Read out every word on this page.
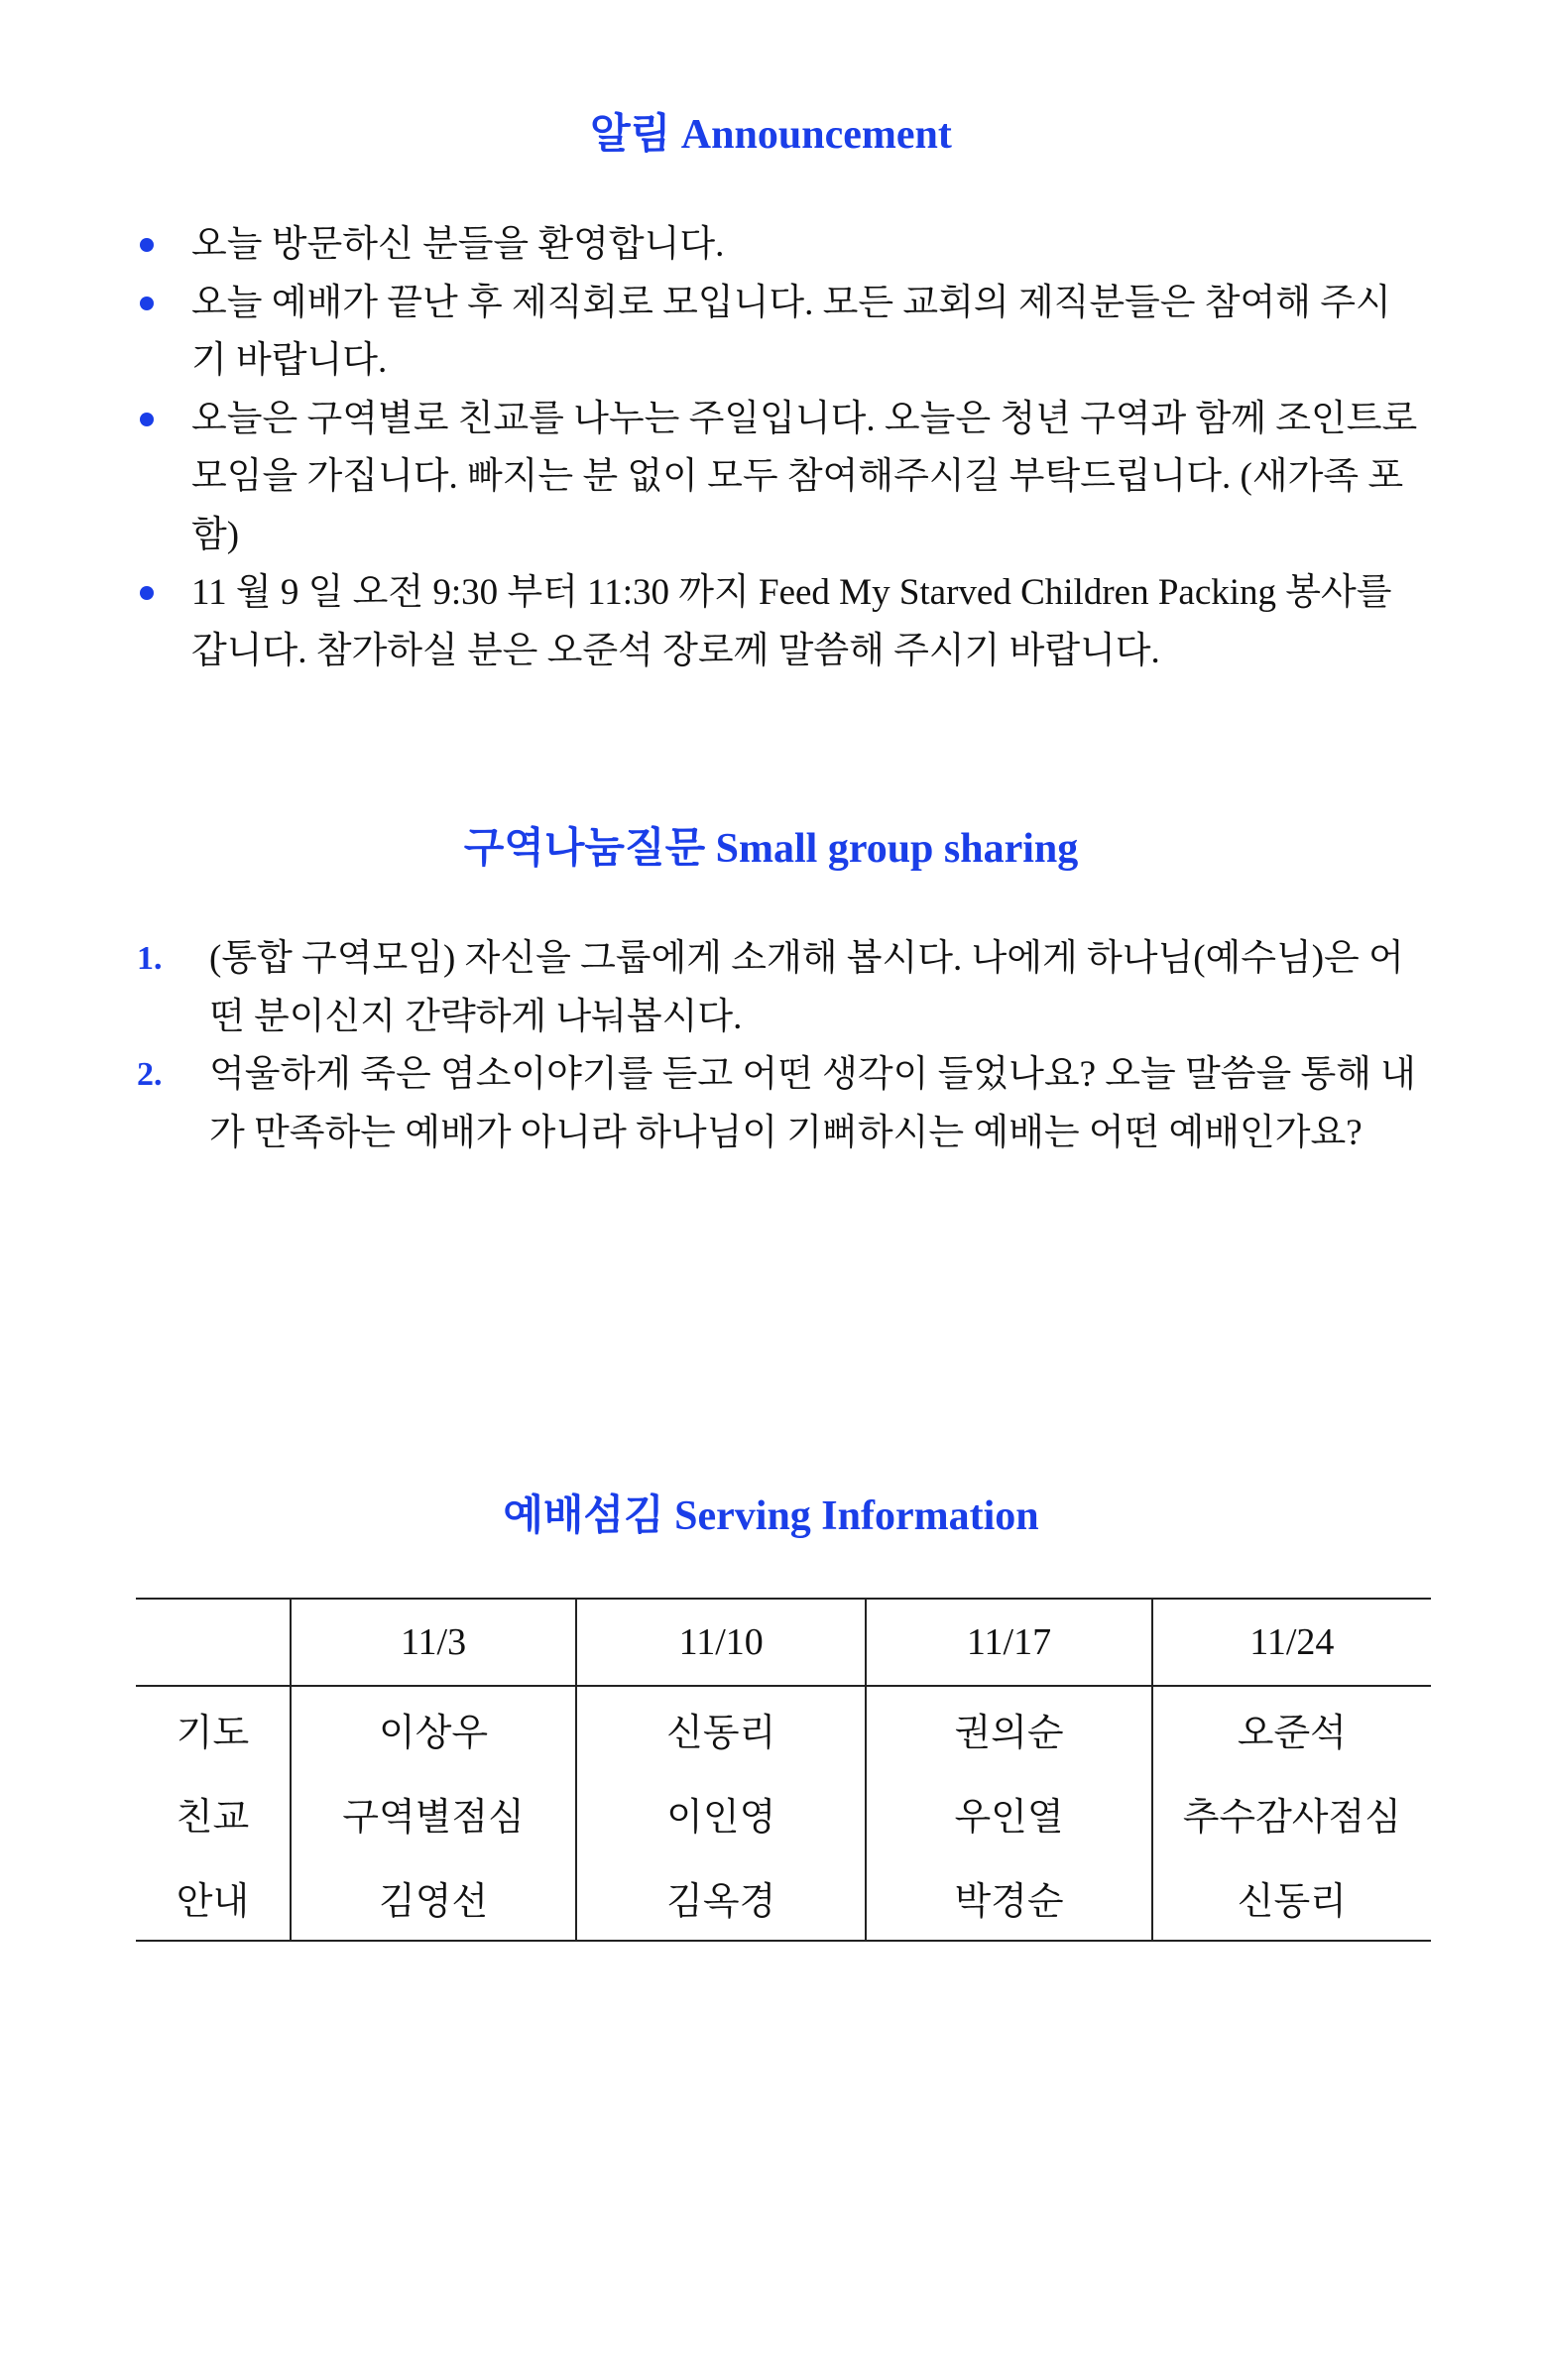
알림 Announcement
오늘 방문하신 분들을 환영합니다.
오늘 예배가 끝난 후 제직회로 모입니다. 모든 교회의 제직분들은 참여해 주시기 바랍니다.
오늘은 구역별로 친교를 나누는 주일입니다. 오늘은 청년 구역과 함께 조인트로 모임을 가집니다. 빠지는 분 없이 모두 참여해주시길 부탁드립니다. (새가족 포함)
11 월 9 일 오전 9:30 부터 11:30 까지 Feed My Starved Children Packing 봉사를 갑니다. 참가하실 분은 오준석 장로께 말씀해 주시기 바랍니다.
구역나눔질문 Small group sharing
1. (통합 구역모임) 자신을 그룹에게 소개해 봅시다. 나에게 하나님(예수님)은 어떤 분이신지 간략하게 나눠봅시다.
2. 억울하게 죽은 염소이야기를 듣고 어떤 생각이 들었나요? 오늘 말씀을 통해 내가 만족하는 예배가 아니라 하나님이 기뻐하시는 예배는 어떤 예배인가요?
예배섬김 Serving Information
	11/3	11/10	11/17	11/24
기도	이상우	신동리	권의순	오준석
친교	구역별점심	이인영	우인열	추수감사점심
안내	김영선	김옥경	박경순	신동리
